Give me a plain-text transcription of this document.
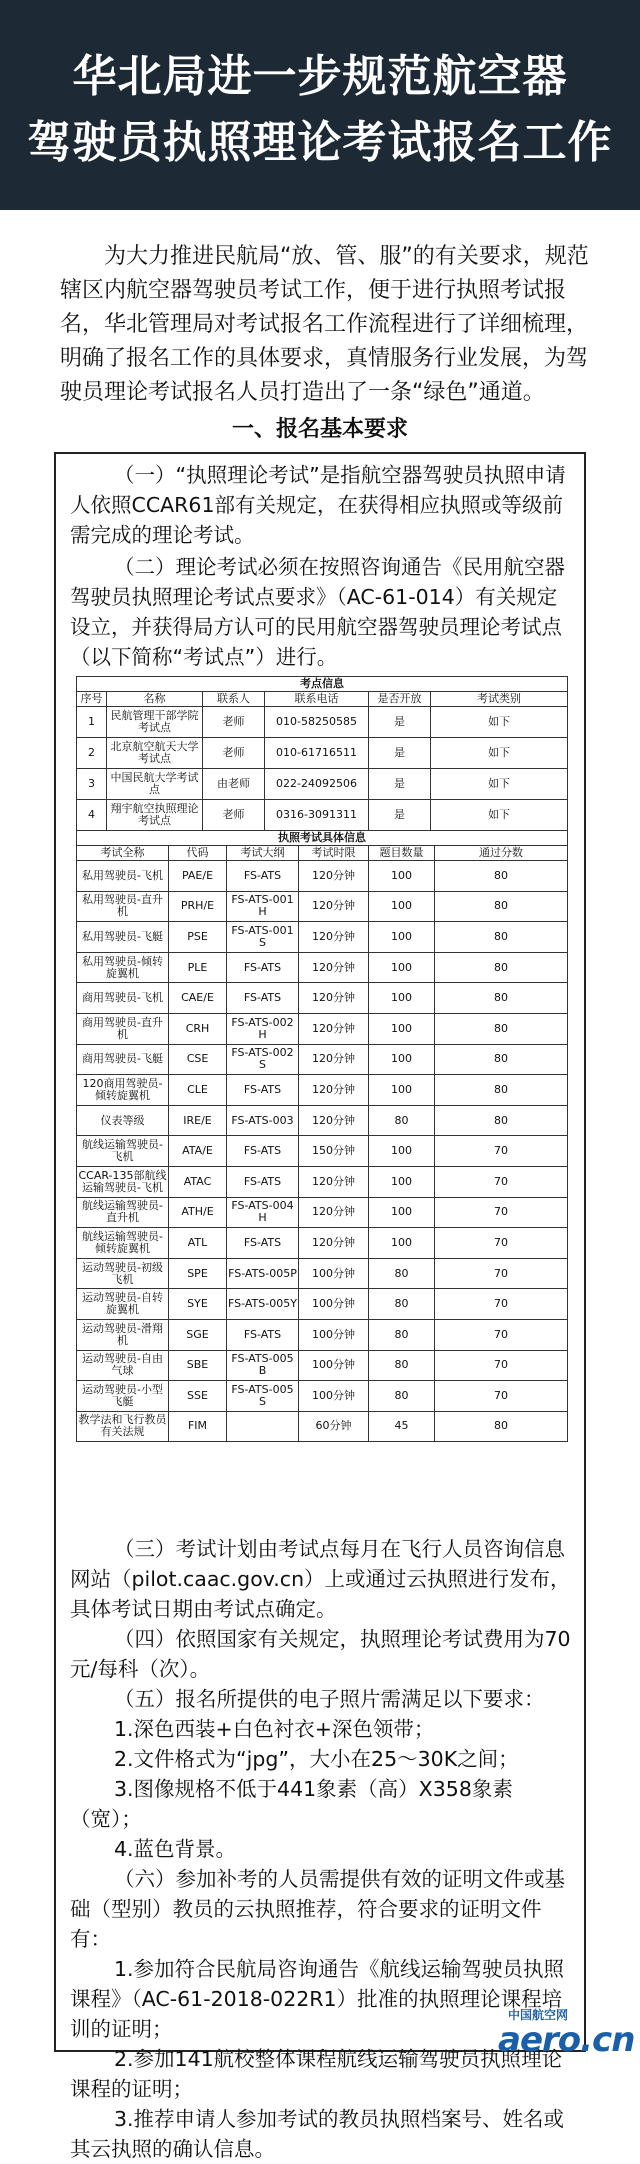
华北局进一步规范航空器
驾驶员执照理论考试报名工作
为大力推进民航局“放、管、服”的有关要求，规范辖区内航空器驾驶员考试工作，便于进行执照考试报名，华北管理局对考试报名工作流程进行了详细梳理，明确了报名工作的具体要求，真情服务行业发展，为驾驶员理论考试报名人员打造出了一条“绿色”通道。
一、报名基本要求
（一）“执照理论考试”是指航空器驾驶员执照申请人依照CCAR61部有关规定，在获得相应执照或等级前需完成的理论考试。
（二）理论考试必须在按照咨询通告《民用航空器驾驶员执照理论考试点要求》（AC-61-014）有关规定设立，并获得局方认可的民用航空器驾驶员理论考试点（以下简称“考试点”）进行。
考点信息					
序号	名称	联系人	联系电话	是否开放	考试类别
1	民航管理干部学院考试点	老师	010-58250585	是	如下
2	北京航空航天大学考试点	老师	010-61716511	是	如下
3	中国民航大学考试点	由老师	022-24092506	是	如下
4	翔宇航空执照理论考试点	老师	0316-3091311	是	如下
执照考试具体信息					
考试全称	代码	考试大纲	考试时限	题目数量	通过分数
私用驾驶员-飞机	PAE/E	FS-ATS	120分钟	100	80
私用驾驶员-直升机	PRH/E	FS-ATS-001H	120分钟	100	80
私用驾驶员-飞艇	PSE	FS-ATS-001S	120分钟	100	80
私用驾驶员-倾转旋翼机	PLE	FS-ATS	120分钟	100	80
商用驾驶员-飞机	CAE/E	FS-ATS	120分钟	100	80
商用驾驶员-直升机	CRH	FS-ATS-002H	120分钟	100	80
商用驾驶员-飞艇	CSE	FS-ATS-002S	120分钟	100	80
120商用驾驶员-倾转旋翼机	CLE	FS-ATS	120分钟	100	80
仪表等级	IRE/E	FS-ATS-003	120分钟	80	80
航线运输驾驶员-飞机	ATA/E	FS-ATS	150分钟	100	70
CCAR-135部航线运输驾驶员-飞机	ATAC	FS-ATS	120分钟	100	70
航线运输驾驶员-直升机	ATH/E	FS-ATS-004H	120分钟	100	70
航线运输驾驶员-倾转旋翼机	ATL	FS-ATS	120分钟	100	70
运动驾驶员-初级飞机	SPE	FS-ATS-005P	100分钟	80	70
运动驾驶员-自转旋翼机	SYE	FS-ATS-005Y	100分钟	80	70
运动驾驶员-滑翔机	SGE	FS-ATS	100分钟	80	70
运动驾驶员-自由气球	SBE	FS-ATS-005B	100分钟	80	70
运动驾驶员-小型飞艇	SSE	FS-ATS-005S	100分钟	80	70
教学法和飞行教员有关法规	FIM		60分钟	45	80
（三）考试计划由考试点每月在飞行人员咨询信息网站（pilot.caac.gov.cn）上或通过云执照进行发布，具体考试日期由考试点确定。
（四）依照国家有关规定，执照理论考试费用为70元/每科（次）。
（五）报名所提供的电子照片需满足以下要求：
1.深色西装+白色衬衣+深色领带；
2.文件格式为“jpg”，大小在25～30K之间；
3.图像规格不低于441象素（高）X358象素（宽）；
4.蓝色背景。
（六）参加补考的人员需提供有效的证明文件或基础（型别）教员的云执照推荐，符合要求的证明文件有：
1.参加符合民航局咨询通告《航线运输驾驶员执照课程》（AC-61-2018-022R1）批准的执照理论课程培训的证明；
2.参加141航校整体课程航线运输驾驶员执照理论课程的证明；
3.推荐申请人参加考试的教员执照档案号、姓名或其云执照的确认信息。
中国航空网
aero.cn
